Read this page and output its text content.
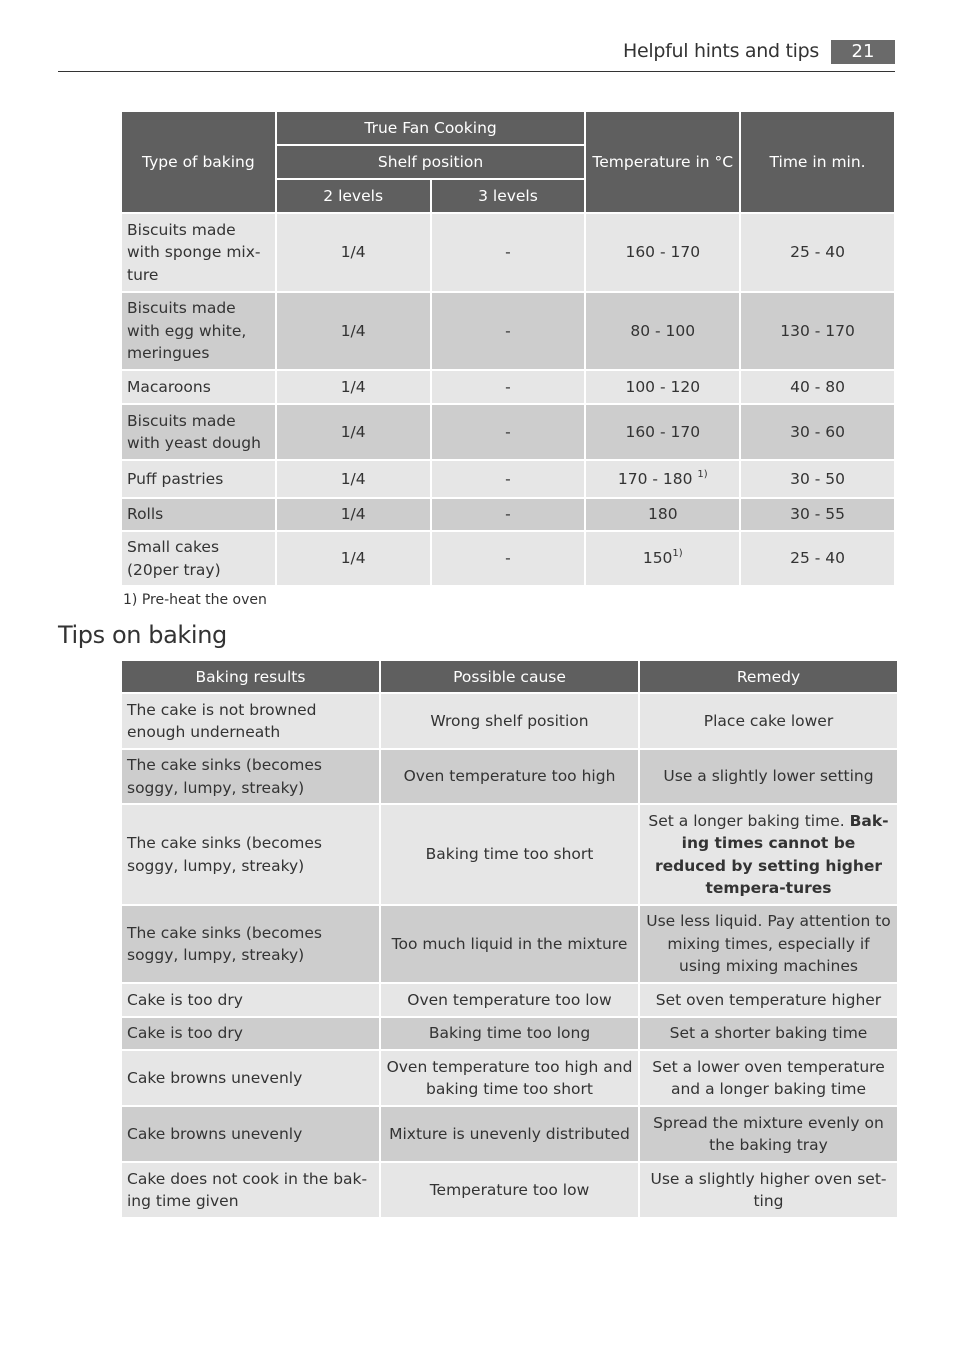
Helpful hints and tips	21
Type of baking	True Fan Cooking		Temperature in °C	Time in min.
	Shelf position			
	2 levels	3 levels		
Biscuits made with sponge mix-ture	1/4	-	160 - 170	25 - 40
Biscuits made with egg white, meringues	1/4	-	80 - 100	130 - 170
Macaroons	1/4	-	100 - 120	40 - 80
Biscuits made with yeast dough	1/4	-	160 - 170	30 - 60
Puff pastries	1/4	-	170 - 180 $^{1)}$	30 - 50
Rolls	1/4	-	180	30 - 55
Small cakes (20per tray)	1/4	-	150$^{1)}$	25 - 40
1) Pre-heat the oven
Tips on baking
Baking results	Possible cause	Remedy
The cake is not browned enough underneath	Wrong shelf position	Place cake lower
The cake sinks (becomes soggy, lumpy, streaky)	Oven temperature too high	Use a slightly lower setting
The cake sinks (becomes soggy, lumpy, streaky)	Baking time too short	Set a longer baking time. Bak-ing times cannot be reduced by setting higher tempera-tures
The cake sinks (becomes soggy, lumpy, streaky)	Too much liquid in the mixture	Use less liquid. Pay attention to mixing times, especially if using mixing machines
Cake is too dry	Oven temperature too low	Set oven temperature higher
Cake is too dry	Baking time too long	Set a shorter baking time
Cake browns unevenly	Oven temperature too high and baking time too short	Set a lower oven temperature and a longer baking time
Cake browns unevenly	Mixture is unevenly distributed	Spread the mixture evenly on the baking tray
Cake does not cook in the bak-ing time given	Temperature too low	Use a slightly higher oven set-ting
